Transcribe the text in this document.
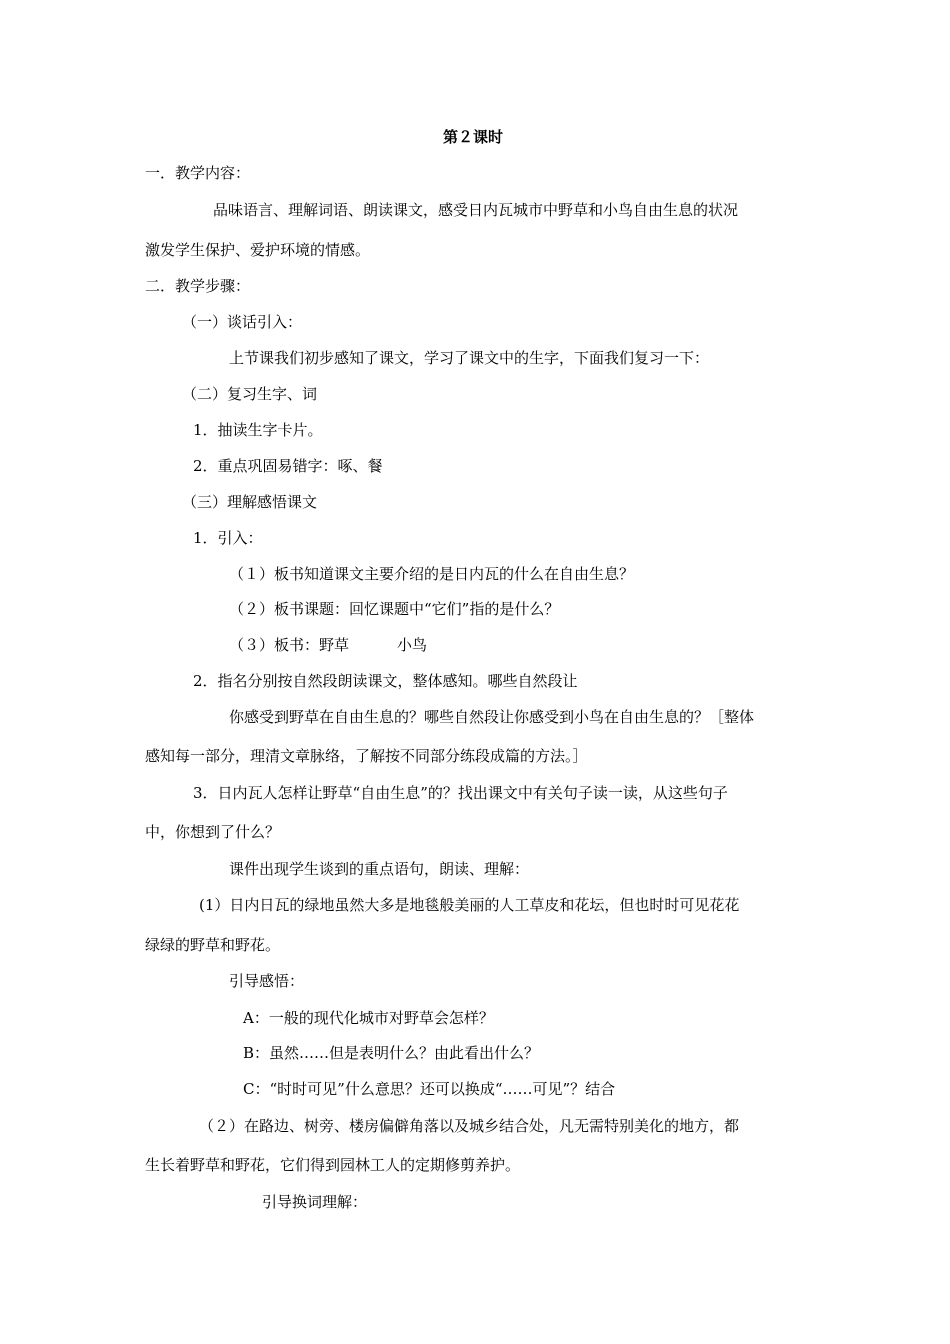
第２课时
一．教学内容：
品味语言、理解词语、朗读课文，感受日内瓦城市中野草和小鸟自由生息的状况
激发学生保护、爱护环境的情感。
二．教学步骤：
（一）谈话引入：
上节课我们初步感知了课文，学习了课文中的生字，下面我们复习一下：
（二）复习生字、词
1．抽读生字卡片。
2．重点巩固易错字：啄、餐
（三）理解感悟课文
1．引入：
（１）板书知道课文主要介绍的是日内瓦的什么在自由生息？
（２）板书课题：回忆课题中“它们”指的是什么？
（３）板书：野草	小鸟
2．指名分别按自然段朗读课文，整体感知。哪些自然段让
你感受到野草在自由生息的？哪些自然段让你感受到小鸟在自由生息的？［整体
感知每一部分，理清文章脉络，了解按不同部分练段成篇的方法。］
3．日内瓦人怎样让野草“自由生息”的？找出课文中有关句子读一读，从这些句子
中，你想到了什么？
课件出现学生谈到的重点语句，朗读、理解：
(1）日内日瓦的绿地虽然大多是地毯般美丽的人工草皮和花坛，但也时时可见花花
绿绿的野草和野花。
引导感悟：
A：一般的现代化城市对野草会怎样？
B：虽然……但是表明什么？由此看出什么？
C：“时时可见”什么意思？还可以换成“……可见”？结合
（２）在路边、树旁、楼房偏僻角落以及城乡结合处，凡无需特别美化的地方，都
生长着野草和野花，它们得到园林工人的定期修剪养护。
引导换词理解：
